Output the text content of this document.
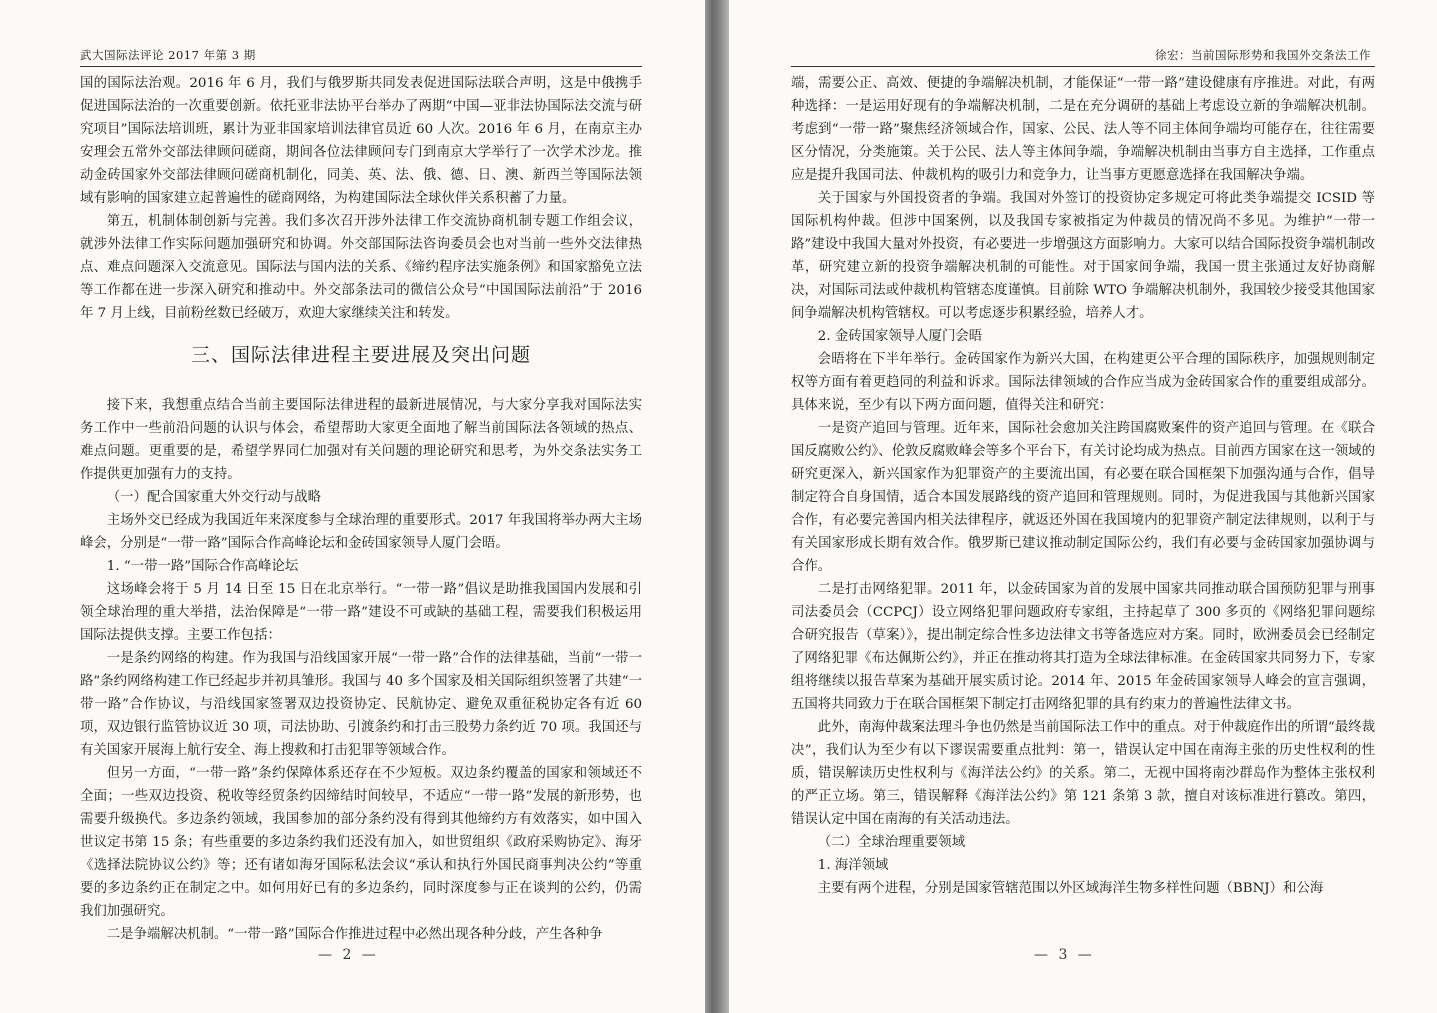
武大国际法评论 2017 年第 3 期

国的国际法治观。2016 年 6 月，我们与俄罗斯共同发表促进国际法联合声明，这是中俄携手促进国际法治的一次重要创新。依托亚非法协平台举办了两期“中国—亚非法协国际法交流与研究项目”国际法培训班，累计为亚非国家培训法律官员近 60 人次。2016 年 6 月，在南京主办安理会五常外交部法律顾问磋商，期间各位法律顾问专门到南京大学举行了一次学术沙龙。推动金砖国家外交部法律顾问磋商机制化，同美、英、法、俄、德、日、澳、新西兰等国际法领域有影响的国家建立起普遍性的磋商网络，为构建国际法全球伙伴关系积蓄了力量。

第五，机制体制创新与完善。我们多次召开涉外法律工作交流协商机制专题工作组会议，就涉外法律工作实际问题加强研究和协调。外交部国际法咨询委员会也对当前一些外交法律热点、难点问题深入交流意见。国际法与国内法的关系、《缔约程序法实施条例》和国家豁免立法等工作都在进一步深入研究和推动中。外交部条法司的微信公众号“中国国际法前沿”于 2016 年 7 月上线，目前粉丝数已经破万，欢迎大家继续关注和转发。

三、国际法律进程主要进展及突出问题

接下来，我想重点结合当前主要国际法律进程的最新进展情况，与大家分享我对国际法实务工作中一些前沿问题的认识与体会，希望帮助大家更全面地了解当前国际法各领域的热点、难点问题。更重要的是，希望学界同仁加强对有关问题的理论研究和思考，为外交条法实务工作提供更加强有力的支持。

（一）配合国家重大外交行动与战略

主场外交已经成为我国近年来深度参与全球治理的重要形式。2017 年我国将举办两大主场峰会，分别是“一带一路”国际合作高峰论坛和金砖国家领导人厦门会晤。

1. “一带一路”国际合作高峰论坛

这场峰会将于 5 月 14 日至 15 日在北京举行。“一带一路”倡议是助推我国国内发展和引领全球治理的重大举措，法治保障是“一带一路”建设不可或缺的基础工程，需要我们积极运用国际法提供支撑。主要工作包括：

一是条约网络的构建。作为我国与沿线国家开展“一带一路”合作的法律基础，当前“一带一路”条约网络构建工作已经起步并初具雏形。我国与 40 多个国家及相关国际组织签署了共建“一带一路”合作协议，与沿线国家签署双边投资协定、民航协定、避免双重征税协定各有近 60 项，双边银行监管协议近 30 项，司法协助、引渡条约和打击三股势力条约近 70 项。我国还与有关国家开展海上航行安全、海上搜救和打击犯罪等领域合作。

但另一方面，“一带一路”条约保障体系还存在不少短板。双边条约覆盖的国家和领域还不全面；一些双边投资、税收等经贸条约因缔结时间较早，不适应“一带一路”发展的新形势，也需要升级换代。多边条约领域，我国参加的部分条约没有得到其他缔约方有效落实，如中国入世议定书第 15 条；有些重要的多边条约我们还没有加入，如世贸组织《政府采购协定》、海牙《选择法院协议公约》等；还有诸如海牙国际私法会议“承认和执行外国民商事判决公约”等重要的多边条约正在制定之中。如何用好已有的多边条约，同时深度参与正在谈判的公约，仍需我们加强研究。

二是争端解决机制。“一带一路”国际合作推进过程中必然出现各种分歧，产生各种争

— 2 —
徐宏：当前国际形势和我国外交条法工作

端，需要公正、高效、便捷的争端解决机制，才能保证“一带一路”建设健康有序推进。对此，有两种选择：一是运用好现有的争端解决机制，二是在充分调研的基础上考虑设立新的争端解决机制。考虑到“一带一路”聚焦经济领域合作，国家、公民、法人等不同主体间争端均可能存在，往往需要区分情况，分类施策。关于公民、法人等主体间争端，争端解决机制由当事方自主选择，工作重点应是提升我国司法、仲裁机构的吸引力和竞争力，让当事方更愿意选择在我国解决争端。

关于国家与外国投资者的争端。我国对外签订的投资协定多规定可将此类争端提交 ICSID 等国际机构仲裁。但涉中国案例，以及我国专家被指定为仲裁员的情况尚不多见。为维护“一带一路”建设中我国大量对外投资，有必要进一步增强这方面影响力。大家可以结合国际投资争端机制改革，研究建立新的投资争端解决机制的可能性。对于国家间争端，我国一贯主张通过友好协商解决，对国际司法或仲裁机构管辖态度谨慎。目前除 WTO 争端解决机制外，我国较少接受其他国家间争端解决机构管辖权。可以考虑逐步积累经验，培养人才。

2. 金砖国家领导人厦门会晤

会晤将在下半年举行。金砖国家作为新兴大国，在构建更公平合理的国际秩序，加强规则制定权等方面有着更趋同的利益和诉求。国际法律领域的合作应当成为金砖国家合作的重要组成部分。具体来说，至少有以下两方面问题，值得关注和研究：

一是资产追回与管理。近年来，国际社会愈加关注跨国腐败案件的资产追回与管理。在《联合国反腐败公约》、伦敦反腐败峰会等多个平台下，有关讨论均成为热点。目前西方国家在这一领域的研究更深入，新兴国家作为犯罪资产的主要流出国，有必要在联合国框架下加强沟通与合作，倡导制定符合自身国情，适合本国发展路线的资产追回和管理规则。同时，为促进我国与其他新兴国家合作，有必要完善国内相关法律程序，就返还外国在我国境内的犯罪资产制定法律规则，以利于与有关国家形成长期有效合作。俄罗斯已建议推动制定国际公约，我们有必要与金砖国家加强协调与合作。

二是打击网络犯罪。2011 年，以金砖国家为首的发展中国家共同推动联合国预防犯罪与刑事司法委员会（CCPCJ）设立网络犯罪问题政府专家组，主持起草了 300 多页的《网络犯罪问题综合研究报告（草案）》，提出制定综合性多边法律文书等备选应对方案。同时，欧洲委员会已经制定了网络犯罪《布达佩斯公约》，并正在推动将其打造为全球法律标准。在金砖国家共同努力下，专家组将继续以报告草案为基础开展实质讨论。2014 年、2015 年金砖国家领导人峰会的宣言强调，五国将共同致力于在联合国框架下制定打击网络犯罪的具有约束力的普遍性法律文书。

此外，南海仲裁案法理斗争也仍然是当前国际法工作中的重点。对于仲裁庭作出的所谓“最终裁决”，我们认为至少有以下谬误需要重点批判：第一，错误认定中国在南海主张的历史性权利的性质，错误解读历史性权利与《海洋法公约》的关系。第二，无视中国将南沙群岛作为整体主张权利的严正立场。第三，错误解释《海洋法公约》第 121 条第 3 款，擅自对该标准进行篡改。第四，错误认定中国在南海的有关活动违法。

（二）全球治理重要领域

1. 海洋领域

主要有两个进程，分别是国家管辖范围以外区域海洋生物多样性问题（BBNJ）和公海

— 3 —
